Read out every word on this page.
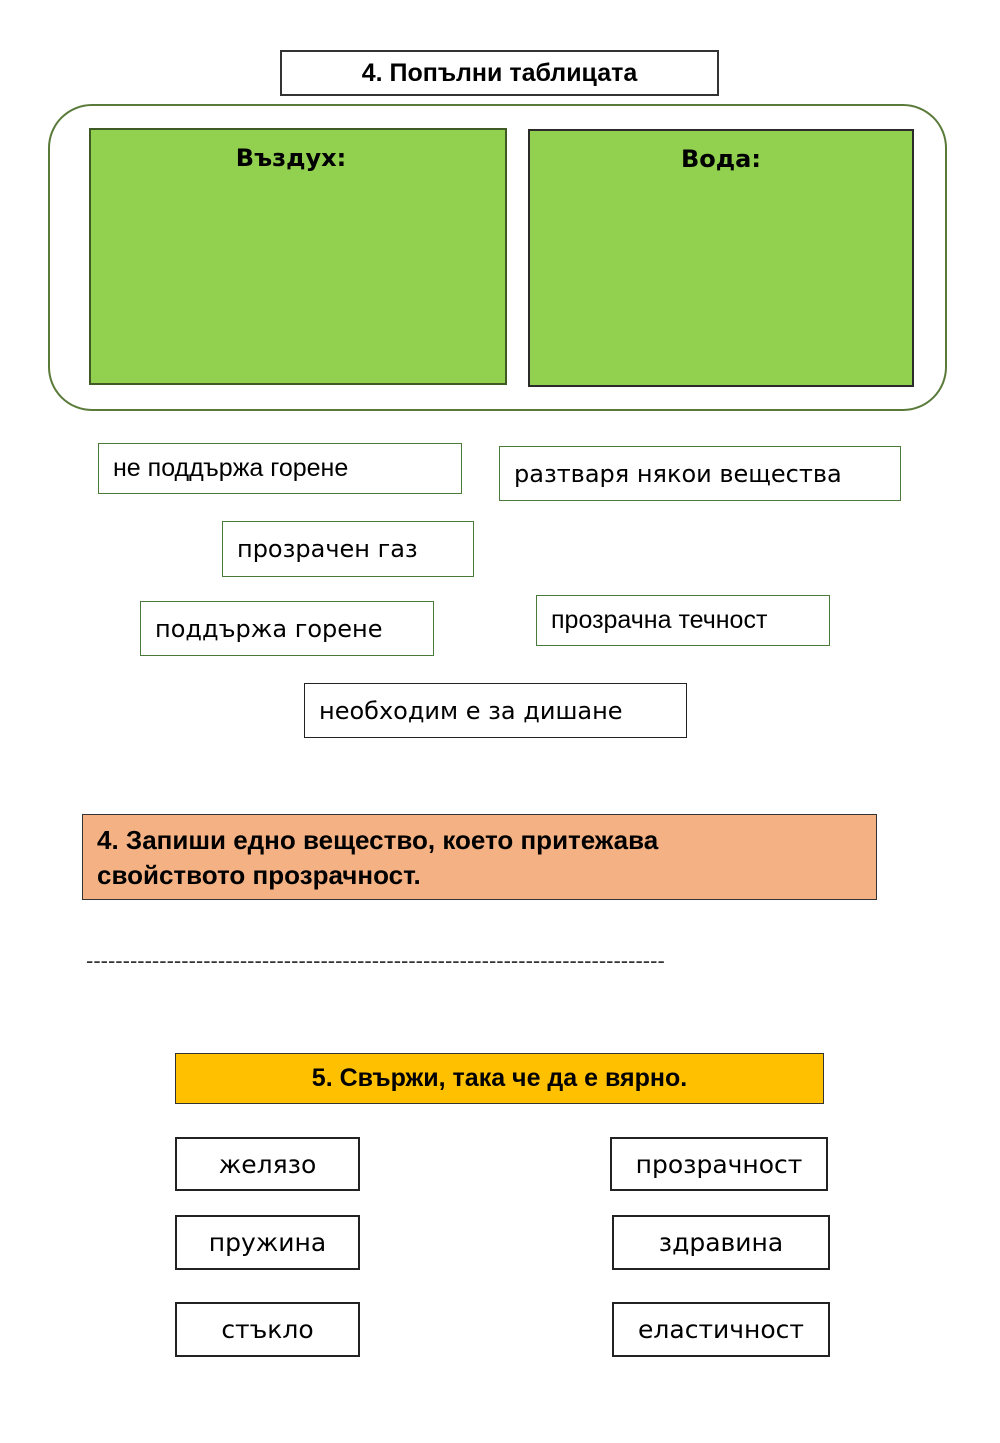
4. Попълни таблицата
Въздух:	Вода:
не поддържа горене	разтваря някои вещества
прозрачен газ
поддържа горене	прозрачна течност
необходим е за дишане
4. Запиши едно вещество, което притежава
свойството прозрачност.
-------------------------------------------------------------------------------
5. Свържи, така че да е вярно.
желязо
пружина
стъкло
прозрачност
здравина
еластичност
